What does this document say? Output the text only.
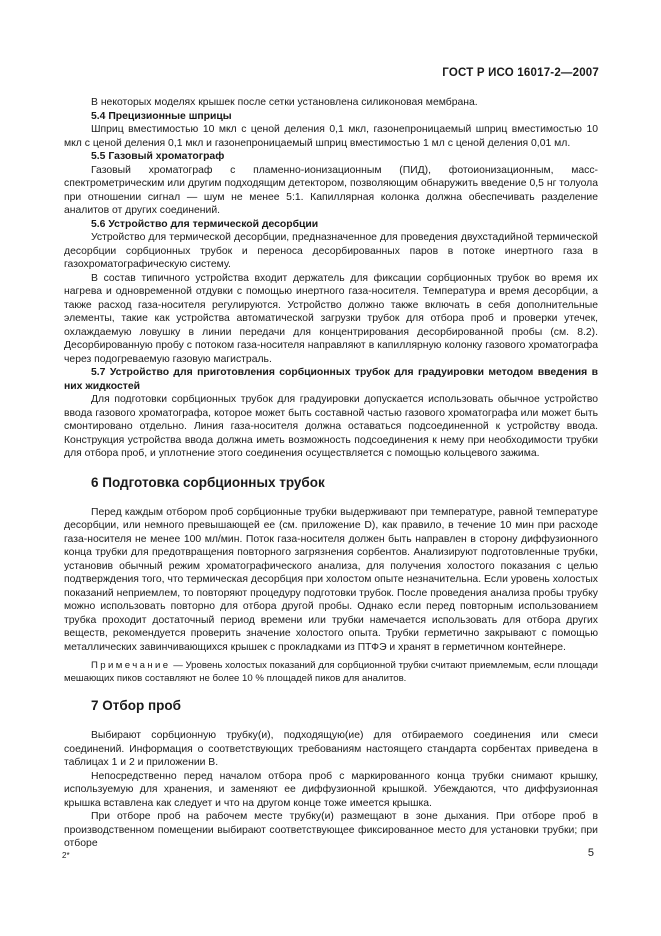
ГОСТ Р ИСО 16017-2—2007

В некоторых моделях крышек после сетки установлена силиконовая мембрана.

5.4 Прецизионные шприцы

Шприц вместимостью 10 мкл с ценой деления 0,1 мкл, газонепроницаемый шприц вместимостью 10 мкл с ценой деления 0,1 мкл и газонепроницаемый шприц вместимостью 1 мл с ценой деления 0,01 мл.

5.5 Газовый хроматограф

Газовый хроматограф с пламенно-ионизационным (ПИД), фотоионизационным, масс-спектрометрическим или другим подходящим детектором, позволяющим обнаружить введение 0,5 нг толуола при отношении сигнал — шум не менее 5:1. Капиллярная колонка должна обеспечивать разделение аналитов от других соединений.

5.6 Устройство для термической десорбции

Устройство для термической десорбции, предназначенное для проведения двухстадийной термической десорбции сорбционных трубок и переноса десорбированных паров в потоке инертного газа в газохроматографическую систему.

В состав типичного устройства входит держатель для фиксации сорбционных трубок во время их нагрева и одновременной отдувки с помощью инертного газа-носителя. Температура и время десорбции, а также расход газа-носителя регулируются. Устройство должно также включать в себя дополнительные элементы, такие как устройства автоматической загрузки трубок для отбора проб и проверки утечек, охлаждаемую ловушку в линии передачи для концентрирования десорбированной пробы (см. 8.2). Десорбированную пробу с потоком газа-носителя направляют в капиллярную колонку газового хроматографа через подогреваемую газовую магистраль.

5.7 Устройство для приготовления сорбционных трубок для градуировки методом введения в них жидкостей

Для подготовки сорбционных трубок для градуировки допускается использовать обычное устройство ввода газового хроматографа, которое может быть составной частью газового хроматографа или может быть смонтировано отдельно. Линия газа-носителя должна оставаться подсоединенной к устройству ввода. Конструкция устройства ввода должна иметь возможность подсоединения к нему при необходимости трубки для отбора проб, и уплотнение этого соединения осуществляется с помощью кольцевого зажима.

6 Подготовка сорбционных трубок

Перед каждым отбором проб сорбционные трубки выдерживают при температуре, равной температуре десорбции, или немного превышающей ее (см. приложение D), как правило, в течение 10 мин при расходе газа-носителя не менее 100 мл/мин. Поток газа-носителя должен быть направлен в сторону диффузионного конца трубки для предотвращения повторного загрязнения сорбентов. Анализируют подготовленные трубки, установив обычный режим хроматографического анализа, для получения холостого показания с целью подтверждения того, что термическая десорбция при холостом опыте незначительна. Если уровень холостых показаний неприемлем, то повторяют процедуру подготовки трубок. После проведения анализа пробы трубку можно использовать повторно для отбора другой пробы. Однако если перед повторным использованием трубка проходит достаточный период времени или трубки намечается использовать для отбора других веществ, рекомендуется проверить значение холостого опыта. Трубки герметично закрывают с помощью металлических завинчивающихся крышек с прокладками из ПТФЭ и хранят в герметичном контейнере.

Примечание — Уровень холостых показаний для сорбционной трубки считают приемлемым, если площади мешающих пиков составляют не более 10 % площадей пиков для аналитов.

7 Отбор проб

Выбирают сорбционную трубку(и), подходящую(ие) для отбираемого соединения или смеси соединений. Информация о соответствующих требованиям настоящего стандарта сорбентах приведена в таблицах 1 и 2 и приложении В.

Непосредственно перед началом отбора проб с маркированного конца трубки снимают крышку, используемую для хранения, и заменяют ее диффузионной крышкой. Убеждаются, что диффузионная крышка вставлена как следует и что на другом конце тоже имеется крышка.

При отборе проб на рабочем месте трубку(и) размещают в зоне дыхания. При отборе проб в производственном помещении выбирают соответствующее фиксированное место для установки трубки; при отборе

2*	5
